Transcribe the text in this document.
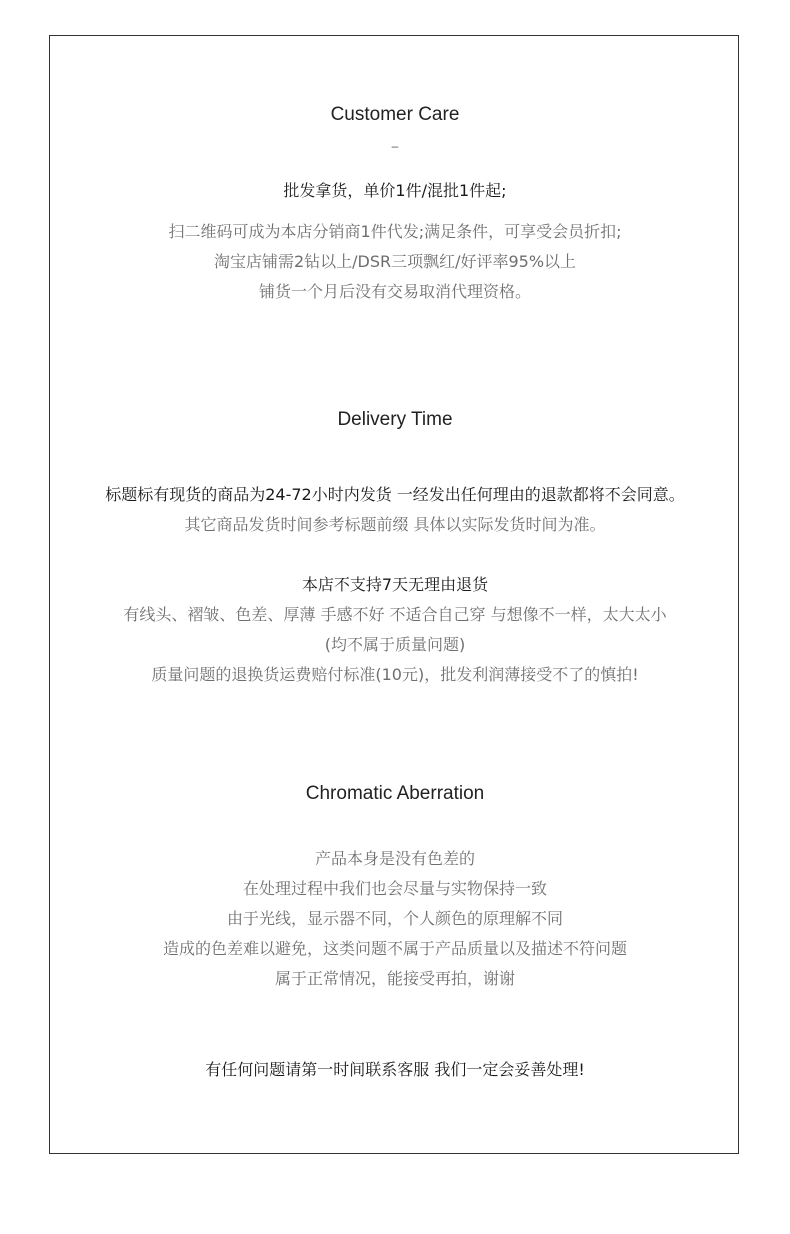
Customer Care
–
批发拿货，单价1件/混批1件起;
扫二维码可成为本店分销商1件代发;满足条件，可享受会员折扣;
淘宝店铺需2钻以上/DSR三项飘红/好评率95%以上
铺货一个月后没有交易取消代理资格。
Delivery Time
标题标有现货的商品为24-72小时内发货 一经发出任何理由的退款都将不会同意。
其它商品发货时间参考标题前缀 具体以实际发货时间为准。
本店不支持7天无理由退货
有线头、褶皱、色差、厚薄 手感不好 不适合自己穿 与想像不一样，太大太小
(均不属于质量问题)
质量问题的退换货运费赔付标准(10元)，批发利润薄接受不了的慎拍!
Chromatic Aberration
产品本身是没有色差的
在处理过程中我们也会尽量与实物保持一致
由于光线，显示器不同，个人颜色的原理解不同
造成的色差难以避免，这类问题不属于产品质量以及描述不符问题
属于正常情况，能接受再拍，谢谢
有任何问题请第一时间联系客服 我们一定会妥善处理!
